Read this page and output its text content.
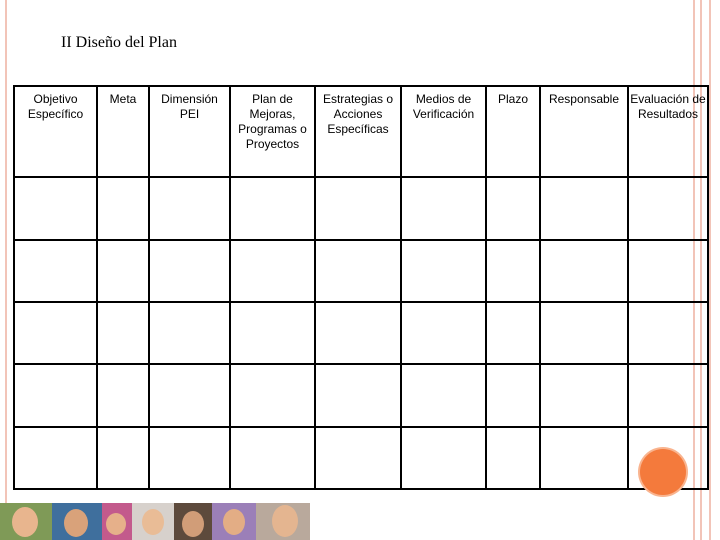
II Diseño del Plan
Objetivo Específico	Meta	Dimensión PEI	Plan de Mejoras, Programas o Proyectos	Estrategias o Acciones Específicas	Medios de Verificación	Plazo	Responsable	Evaluación de Resultados
